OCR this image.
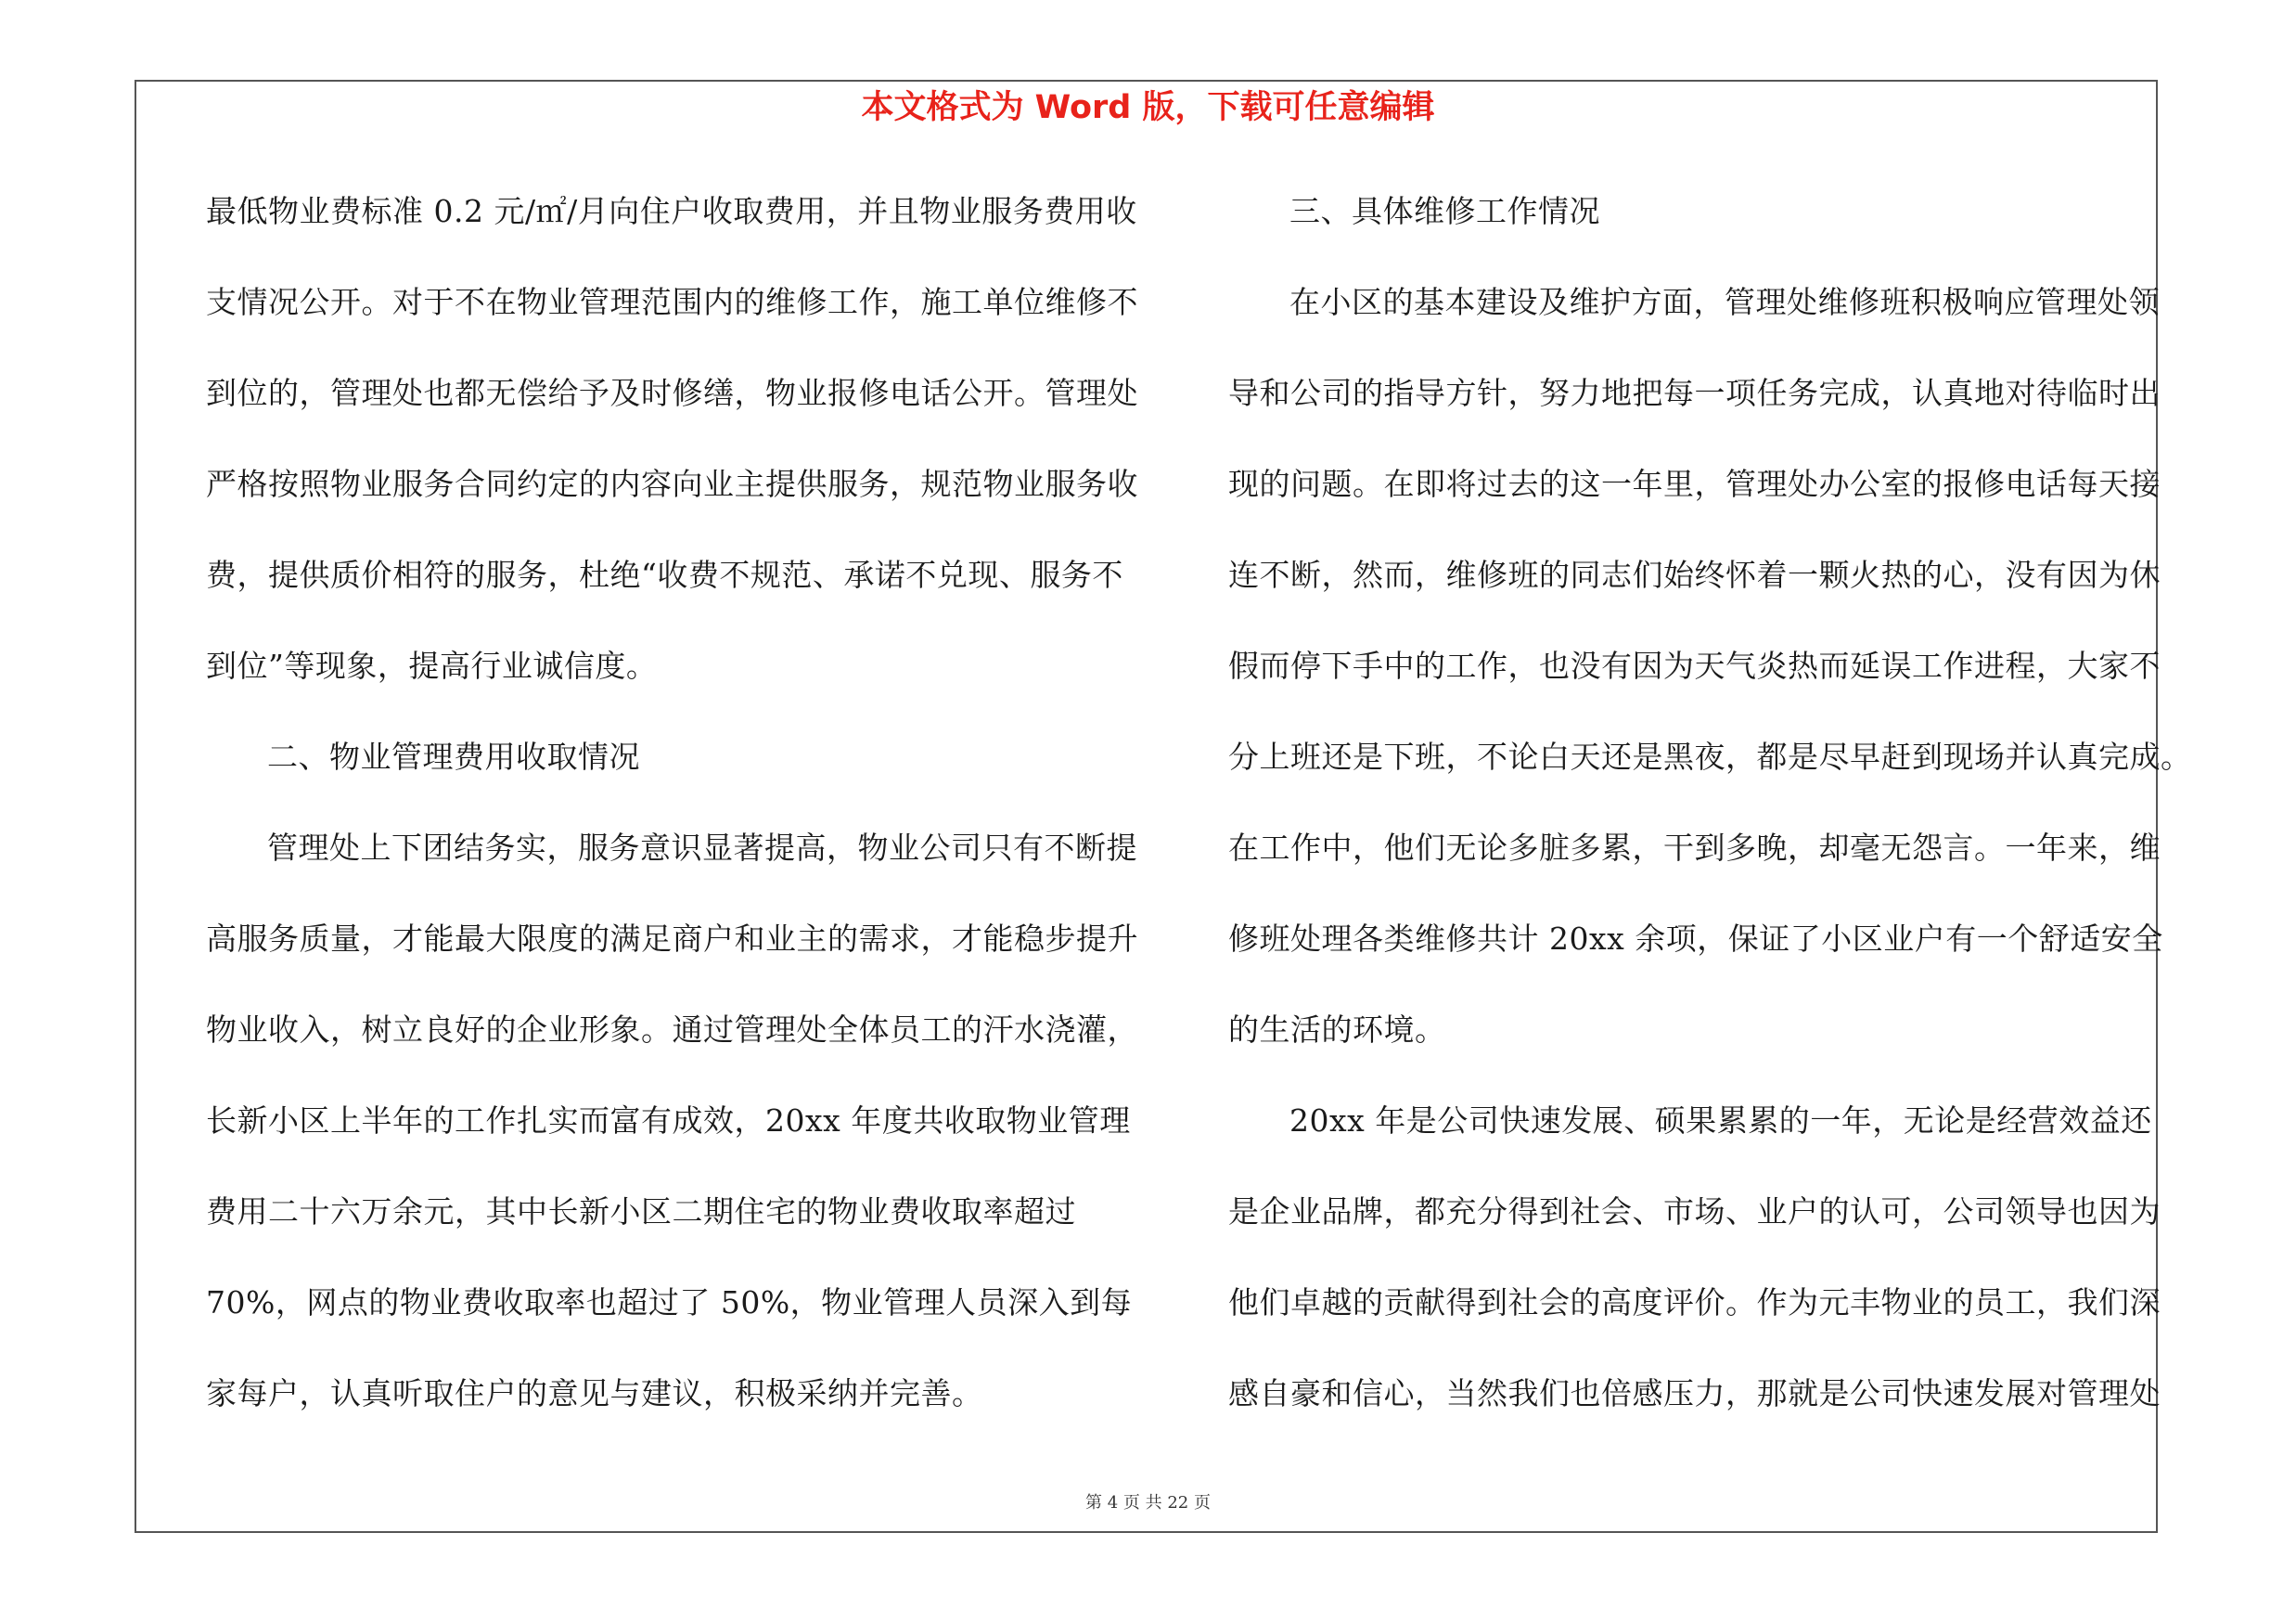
本文格式为 Word 版，下载可任意编辑
最低物业费标准 0.2 元/㎡/月向住户收取费用，并且物业服务费用收
支情况公开。对于不在物业管理范围内的维修工作，施工单位维修不
到位的，管理处也都无偿给予及时修缮，物业报修电话公开。管理处
严格按照物业服务合同约定的内容向业主提供服务，规范物业服务收
费，提供质价相符的服务，杜绝“收费不规范、承诺不兑现、服务不
到位”等现象，提高行业诚信度。
二、物业管理费用收取情况
管理处上下团结务实，服务意识显著提高，物业公司只有不断提
高服务质量，才能最大限度的满足商户和业主的需求，才能稳步提升
物业收入，树立良好的企业形象。通过管理处全体员工的汗水浇灌，
长新小区上半年的工作扎实而富有成效，20xx 年度共收取物业管理
费用二十六万余元，其中长新小区二期住宅的物业费收取率超过
70%，网点的物业费收取率也超过了 50%，物业管理人员深入到每
家每户，认真听取住户的意见与建议，积极采纳并完善。
三、具体维修工作情况
在小区的基本建设及维护方面，管理处维修班积极响应管理处领
导和公司的指导方针，努力地把每一项任务完成，认真地对待临时出
现的问题。在即将过去的这一年里，管理处办公室的报修电话每天接
连不断，然而，维修班的同志们始终怀着一颗火热的心，没有因为休
假而停下手中的工作，也没有因为天气炎热而延误工作进程，大家不
分上班还是下班，不论白天还是黑夜，都是尽早赶到现场并认真完成。
在工作中，他们无论多脏多累，干到多晚，却毫无怨言。一年来，维
修班处理各类维修共计 20xx 余项，保证了小区业户有一个舒适安全
的生活的环境。
20xx 年是公司快速发展、硕果累累的一年，无论是经营效益还
是企业品牌，都充分得到社会、市场、业户的认可，公司领导也因为
他们卓越的贡献得到社会的高度评价。作为元丰物业的员工，我们深
感自豪和信心，当然我们也倍感压力，那就是公司快速发展对管理处
第 4 页 共 22 页
